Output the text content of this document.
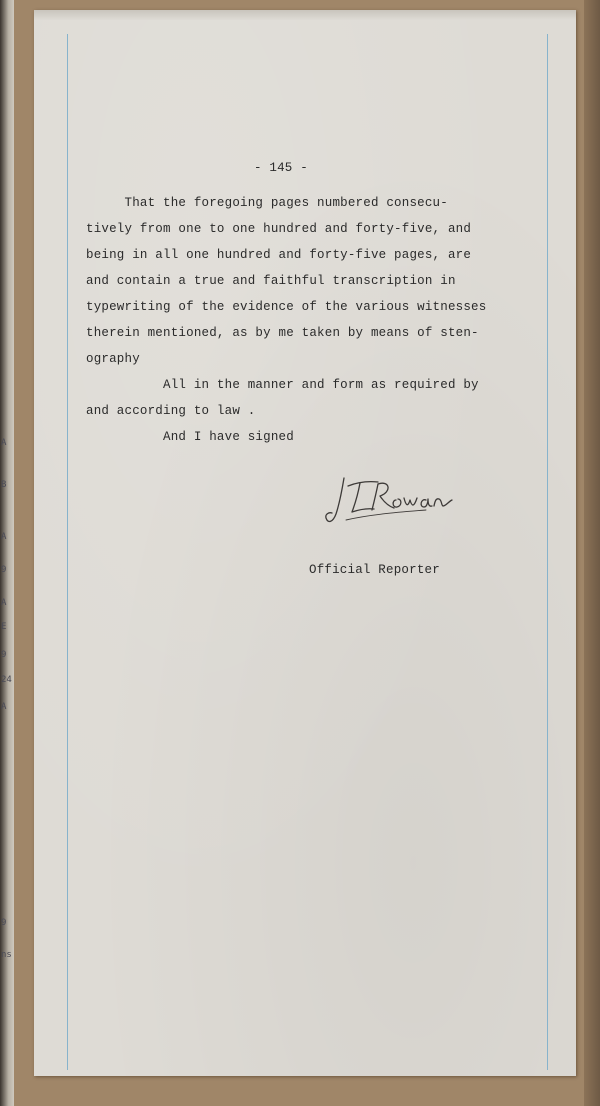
A
B
A
9
A
E
9
24
A
9
ns
- 145 -
That the foregoing pages numbered consecu-
tively from one to one hundred and forty-five, and
being in all one hundred and forty-five pages, are
and contain a true and faithful transcription in
typewriting of the evidence of the various witnesses
therein mentioned, as by me taken by means of sten-
ography
All in the manner and form as required by
and according to law .
And I have signed
Official Reporter
